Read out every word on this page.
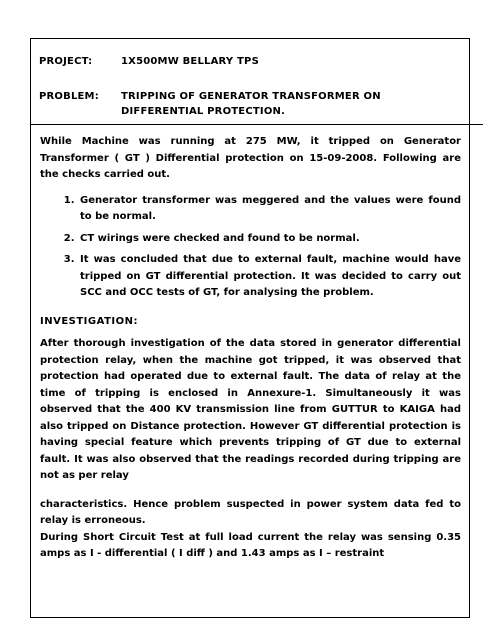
PROJECT:	1X500MW BELLARY TPS
PROBLEM: TRIPPING OF GENERATOR TRANSFORMER ON
DIFFERENTIAL PROTECTION.

While Machine was running at 275 MW, it tripped on Generator Transformer ( GT ) Differential protection on 15-09-2008. Following are the checks carried out.

1. Generator transformer was meggered and the values were found to be normal.
2. CT wirings were checked and found to be normal.
3. It was concluded that due to external fault, machine would have tripped on GT differential protection. It was decided to carry out SCC and OCC tests of GT, for analysing the problem.
INVESTIGATION:

After thorough investigation of the data stored in generator differential protection relay, when the machine got tripped, it was observed that protection had operated due to external fault. The data of relay at the time of tripping is enclosed in Annexure-1. Simultaneously it was observed that the 400 KV transmission line from GUTTUR to KAIGA had also tripped on Distance protection. However GT differential protection is having special feature which prevents tripping of GT due to external fault. It was also observed that the readings recorded during tripping are not as per relay

characteristics. Hence problem suspected in power system data fed to relay is erroneous.

During Short Circuit Test at full load current the relay was sensing 0.35 amps as I - differential ( I diff ) and 1.43 amps as I – restraint
